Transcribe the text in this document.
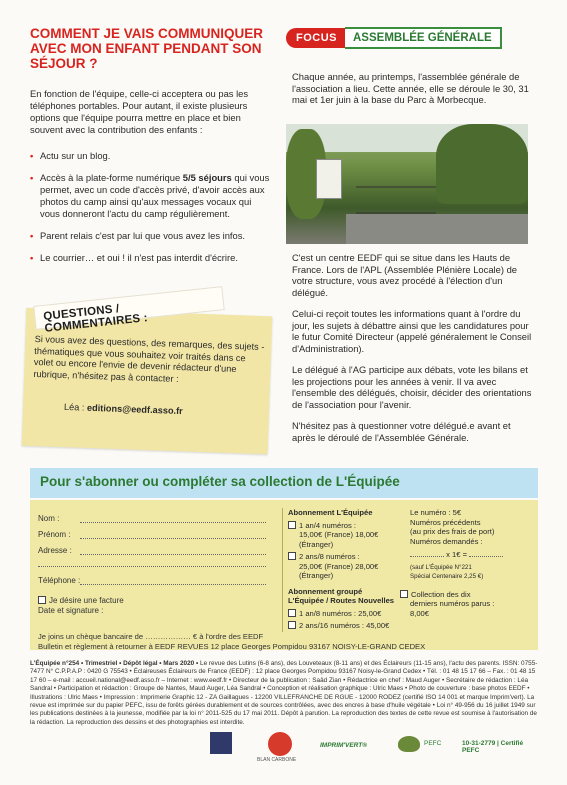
COMMENT JE VAIS COMMUNIQUER AVEC MON ENFANT PENDANT SON SÉJOUR ?
En fonction de l'équipe, celle-ci acceptera ou pas les téléphones portables. Pour autant, il existe plusieurs options que l'équipe pourra mettre en place et bien souvent avec la contribution des enfants :
• Actu sur un blog.
• Accès à la plate-forme numérique 5/5 séjours qui vous permet, avec un code d'accès privé, d'avoir accès aux photos du camp ainsi qu'aux messages vocaux qui vous donneront l'actu du camp régulièrement.
• Parent relais c'est par lui que vous avez les infos.
• Le courrier… et oui ! il n'est pas interdit d'écrire.
QUESTIONS / COMMENTAIRES :
Si vous avez des questions, des remarques, des sujets - thématiques que vous souhaitez voir traités dans ce volet ou encore l'envie de devenir rédacteur d'une rubrique, n'hésitez pas à contacter :
Léa : editions@eedf.asso.fr
FOCUS	ASSEMBLÉE GÉNÉRALE
Chaque année, au printemps, l'assemblée générale de l'association a lieu. Cette année, elle se déroule le 30, 31 mai et 1er juin à la base du Parc à Morbecque.

C'est un centre EEDF qui se situe dans les Hauts de France. Lors de l'APL (Assemblée Plénière Locale) de votre structure, vous avez procédé à l'élection d'un délégué.

Celui-ci reçoit toutes les informations quant à l'ordre du jour, les sujets à débattre ainsi que les candidatures pour le futur Comité Directeur (appelé généralement le Conseil d'Administration).

Le délégué à l'AG participe aux débats, vote les bilans et les projections pour les années à venir. Il va avec l'ensemble des délégués, choisir, décider des orientations de l'association pour l'avenir.

N'hésitez pas à questionner votre délégué.e avant et après le déroulé de l'Assemblée Générale.

Pour s'abonner ou compléter sa collection de L'Équipée
Nom :
Prénom :
Adresse :
Téléphone :
Je désire une facture
Date et signature :
Abonnement L'Équipée
1 an/4 numéros :
15,00€ (France) 18,00€ (Étranger)
2 ans/8 numéros :
25,00€ (France) 28,00€ (Étranger)
Abonnement groupé L'Équipée / Routes Nouvelles
1 an/8 numéros : 25,00€
2 ans/16 numéros : 45,00€
Le numéro : 5€
Numéros précédents
(au prix des frais de port)
Numéros demandés :
x 1€ =
(sauf L'Équipée N°221
Spécial Centenaire 2,25 €)
Collection des dix
derniers numéros parus :
8,00€
Je joins un chèque bancaire de ……………… € à l'ordre des EEDF
Bulletin et règlement à retourner à EEDF REVUES 12 place Georges Pompidou 93167 NOISY-LE-GRAND CEDEX
L'Équipée n°254 • Trimestriel • Dépôt légal • Mars 2020 • Le revue des Lutins (6-8 ans), des Louveteaux (8-11 ans) et des Éclaireurs (11-15 ans), l'actu des parents. ISSN: 0755-7477 N° C.P.P.A.P : 0420 G 75543 • Éclaireuses Éclaireurs de France (EEDF) : 12 place Georges Pompidou 93167 Noisy-le-Grand Cedex • Tél. : 01 48 15 17 66 – Fax. : 01 48 15 17 60 – e-mail : accueil.national@eedf.asso.fr – Internet : www.eedf.fr • Directeur de la publication : Saâd Zian • Rédactrice en chef : Maud Auger • Secrétaire de rédaction : Léa Sandral • Participation et rédaction : Groupe de Nantes, Maud Auger, Léa Sandral • Conception et réalisation graphique : Ulric Maes • Photo de couverture : base photos EEDF • Illustrations : Ulric Maes • Impression : Imprimerie Graphic 12 - ZA Gaillagues - 12200 VILLEFRANCHE DE RGUE - 12000 RODEZ (certifié ISO 14 001 et marque Imprim'vert). La revue est imprimée sur du papier PEFC, issu de forêts gérées durablement et de sources contrôlées, avec des encres à base d'huile végétale • Loi n° 49-956 du 16 juillet 1949 sur les publications destinées à la jeunesse, modifiée par la loi n° 2011-525 du 17 mai 2011. Dépôt à parution. La reproduction des textes de cette revue est soumise à l'autorisation de la rédaction. La reproduction des dessins et des photographies est interdite.
BLAN CARBONE
IMPRIM'VERT®	PEFC	10-31-2779 | Certifié PEFC
